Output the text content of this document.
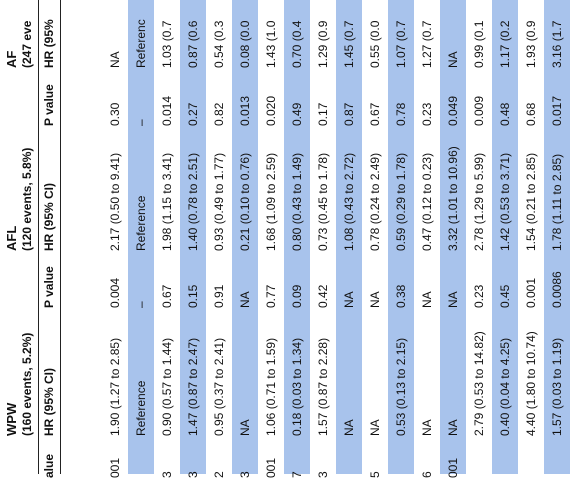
WPW (160 events, 5.2%)
AFL (120 events, 5.8%)
AF (247 eve
alue
HR (95% CI)
P value
HR (95% CI)
P value
HR (95%
001
1.90 (1.27 to 2.85)
0.004
2.17 (0.50 to 9.41)
0.30
NA
Reference
–
Reference
–
Referenc
3
0.90 (0.57 to 1.44)
0.67
1.98 (1.15 to 3.41)
0.014
1.03 (0.7
3
1.47 (0.87 to 2.47)
0.15
1.40 (0.78 to 2.51)
0.27
0.87 (0.6
2
0.95 (0.37 to 2.41)
0.91
0.93 (0.49 to 1.77)
0.82
0.54 (0.3
3
NA
NA
0.21 (0.10 to 0.76)
0.013
0.08 (0.0
001
1.06 (0.71 to 1.59)
0.77
1.68 (1.09 to 2.59)
0.020
1.43 (1.0
7
0.18 (0.03 to 1.34)
0.09
0.80 (0.43 to 1.49)
0.49
0.70 (0.4
3
1.57 (0.87 to 2.28)
0.42
0.73 (0.45 to 1.78)
0.17
1.29 (0.9
NA
NA
1.08 (0.43 to 2.72)
0.87
1.45 (0.7
5
NA
NA
0.78 (0.24 to 2.49)
0.67
0.55 (0.0
0.53 (0.13 to 2.15)
0.38
0.59 (0.29 to 1.78)
0.78
1.07 (0.7
6
NA
NA
0.47 (0.12 to 0.23)
0.23
1.27 (0.7
001
NA
NA
3.32 (1.01 to 10.96)
0.049
NA
2.79 (0.53 to 14.82)
0.23
2.78 (1.29 to 5.99)
0.009
0.99 (0.1
0.40 (0.04 to 4.25)
0.45
1.42 (0.53 to 3.71)
0.48
1.17 (0.2
4.40 (1.80 to 10.74)
0.001
1.54 (0.21 to 2.85)
0.68
1.93 (0.9
1.57 (0.03 to 1.19)
0.0086
1.78 (1.11 to 2.85)
0.017
3.16 (1.7
